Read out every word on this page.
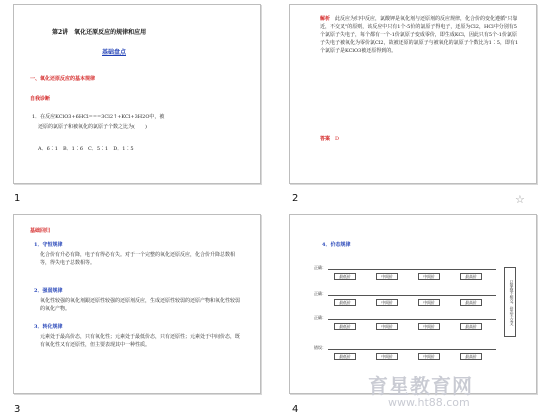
第2讲　氧化还原反应的规律和应用
基础盘点
一、氧化还原反应的基本规律
自我诊断
1．在反应KClO3+6HCl===3Cl2↑+KCl+3H2O中，被
还原的氯原子和被氧化的氯原子个数之比为(　　)
A．6∶1　B．1∶6　C．5∶1　D．1∶5
1
解析　 此反应为归中反应，氯酸钾是氧化剂与还原剂的反应规律，化合价的变化遵循"只靠近，不交叉"的原则，该反应中只有1个-5价的氯原子得电子，还原为Cl2，HCl中分别有5个氯原子失电子，每个都有一个-1价氯原子变成零价，即生成KCl，因此只有5个-1价氯原子失电子被氧化为零价氯Cl2，故被还原的氯原子与被氧化的氯原子个数比为1∶5，即有1个氯原子是KClO3被还原得到的。
答案　 D
2	☆
基础回归
1．守恒规律
化合价有升必有降，电子有得必有失。对于一个完整的氧化还原反应，化合价升降总数相等，得失电子总数相等。
2．强弱规律
氧化性较强的氧化剂跟还原性较强的还原剂反应，生成还原性较弱的还原产物和氧化性较弱的氧化产物。
3．转化规律
元素处于最高价态，只有氧化性；元素处于最低价态，只有还原性；元素处于中间价态，既有氧化性又有还原性，但主要表现其中一种性质。
3
4．价态规律
正确：
最低价	中间价	中间价	最高价
正确：
最低价	中间价	中间价	最高价
正确：
最低价	中间价	中间价	最高价
错误：
最低价	中间价	中间价	最高价
只靠拢不相交，价态不交叉
4
育星教育网
www.ht88.com
